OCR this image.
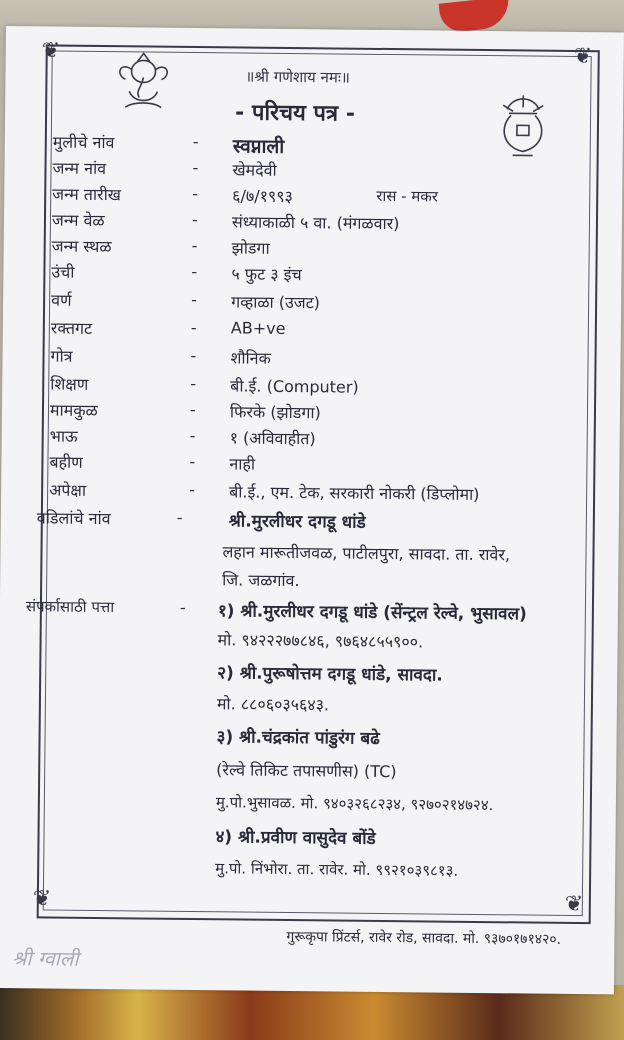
❦	❦
❦	❦
॥श्री गणेशाय नमः॥
- परिचय पत्र -
मुलीचे नांव	- स्वप्नाली
जन्म नांव	- खेमदेवी
जन्म तारीख	- ६/७/१९९३	रास - मकर
जन्म वेळ	- संध्याकाळी ५ वा. (मंगळवार)
जन्म स्थळ	- झोडगा
उंची	- ५ फुट ३ इंच
वर्ण	- गव्हाळा (उजट)
रक्तगट	- AB+ve
गोत्र	- शौनिक
शिक्षण	- बी.ई. (Computer)
मामकुळ	- फिरके (झोडगा)
भाऊ	- १ (अविवाहीत)
बहीण	- नाही
अपेक्षा	- बी.ई., एम. टेक, सरकारी नोकरी (डिप्लोमा)
वडिलांचे नांव	-	श्री.मुरलीधर दगडू धांडे
लहान मारूतीजवळ, पाटीलपुरा, सावदा. ता. रावेर,
जि. जळगांव.
संपर्कासाठी पत्ता	- १) श्री.मुरलीधर दगडू धांडे (सेंन्ट्रल रेल्वे, भुसावल)
मो. ९४२२२७७८४६, ९७६४८५५९००.
२) श्री.पुरूषोत्तम दगडू धांडे, सावदा.
मो. ८८०६०३५६४३.
३) श्री.चंद्रकांत पांडुरंग बढे
(रेल्वे तिकिट तपासणीस) (TC)
मु.पो.भुसावळ. मो. ९४०३२६८२३४, ९२७०२१४७२४.
४) श्री.प्रवीण वासुदेव बोंडे
मु.पो. निंभोरा. ता. रावेर. मो. ९९२१०३९८१३.
गुरूकृपा प्रिंटर्स, रावेर रोड, सावदा. मो. ९३७०१७१४२०.
श्री ग्वाली
